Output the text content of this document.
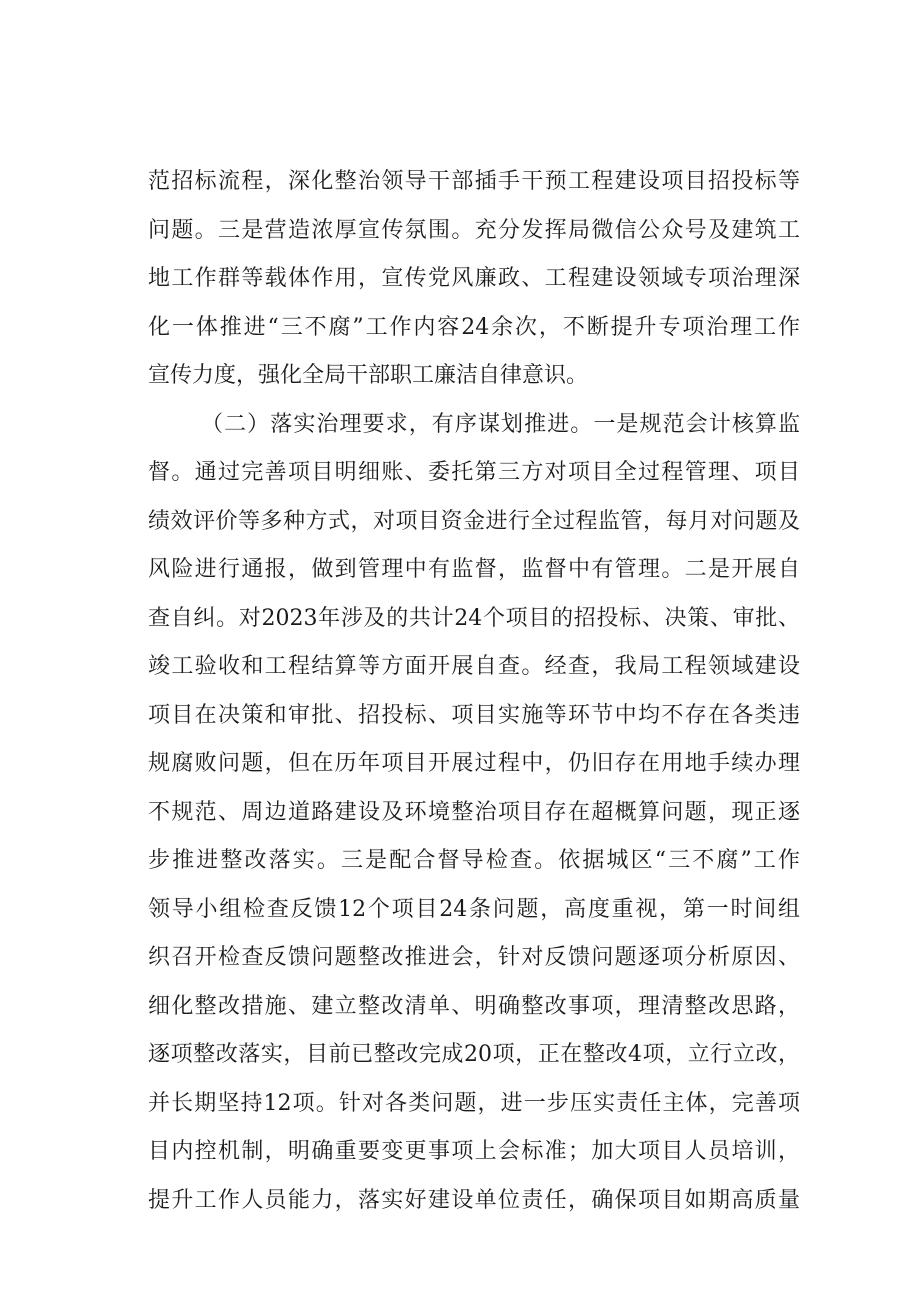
范招标流程，深化整治领导干部插手干预工程建设项目招投标等
问题。三是营造浓厚宣传氛围。充分发挥局微信公众号及建筑工
地工作群等载体作用，宣传党风廉政、工程建设领域专项治理深
化一体推进“三不腐”工作内容24余次，不断提升专项治理工作
宣传力度，强化全局干部职工廉洁自律意识。
（二）落实治理要求，有序谋划推进。一是规范会计核算监
督。通过完善项目明细账、委托第三方对项目全过程管理、项目
绩效评价等多种方式，对项目资金进行全过程监管，每月对问题及
风险进行通报，做到管理中有监督，监督中有管理。二是开展自
查自纠。对2023年涉及的共计24个项目的招投标、决策、审批、
竣工验收和工程结算等方面开展自查。经查，我局工程领域建设
项目在决策和审批、招投标、项目实施等环节中均不存在各类违
规腐败问题，但在历年项目开展过程中，仍旧存在用地手续办理
不规范、周边道路建设及环境整治项目存在超概算问题，现正逐
步推进整改落实。三是配合督导检查。依据城区“三不腐”工作
领导小组检查反馈12个项目24条问题，高度重视，第一时间组
织召开检查反馈问题整改推进会，针对反馈问题逐项分析原因、
细化整改措施、建立整改清单、明确整改事项，理清整改思路，
逐项整改落实，目前已整改完成20项，正在整改4项，立行立改，
并长期坚持12项。针对各类问题，进一步压实责任主体，完善项
目内控机制，明确重要变更事项上会标准；加大项目人员培训，
提升工作人员能力，落实好建设单位责任，确保项目如期高质量
